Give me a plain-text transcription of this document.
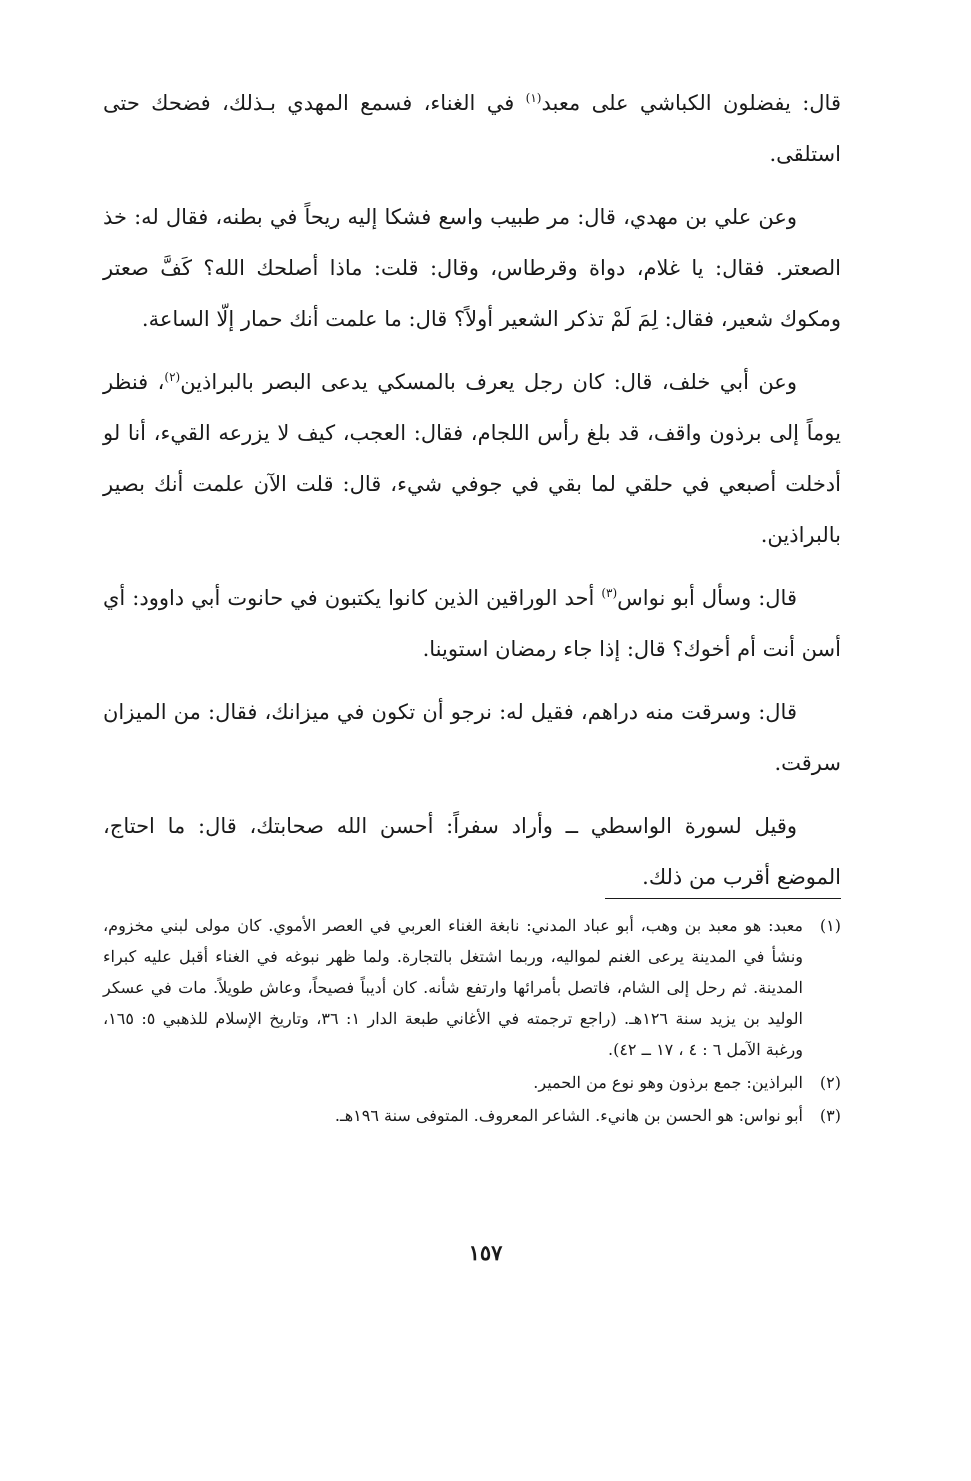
قال: يفضلون الكباشي على معبد$^{(١)}$ في الغناء، فسمع المهدي بـذلك، فضحك حتى استلقى.

وعن علي بن مهدي، قال: مر طبيب واسع فشكا إليه ريحاً في بطنه، فقال له: خذ الصعتر. فقال: يا غلام، دواة وقرطاس، وقال: قلت: ماذا أصلحك الله؟ كَفَّ صعتر ومكوك شعير، فقال: لِمَ لَمْ تذكر الشعير أولاً؟ قال: ما علمت أنك حمار إلّا الساعة.

وعن أبي خلف، قال: كان رجل يعرف بالمسكي يدعى البصر بالبراذين$^{(٢)}$، فنظر يوماً إلى برذون واقف، قد بلغ رأس اللجام، فقال: العجب، كيف لا يزرعه القيء، أنا لو أدخلت أصبعي في حلقي لما بقي في جوفي شيء، قال: قلت الآن علمت أنك بصير بالبراذين.

قال: وسأل أبو نواس$^{(٣)}$ أحد الوراقين الذين كانوا يكتبون في حانوت أبي داوود: أي أسن أنت أم أخوك؟ قال: إذا جاء رمضان استوينا.

قال: وسرقت منه دراهم، فقيل له: نرجو أن تكون في ميزانك، فقال: من الميزان سرقت.

وقيل لسورة الواسطي ــ وأراد سفراً: أحسن الله صحابتك، قال: ما احتاج، الموضع أقرب من ذلك.

(١)
معبد: هو معبد بن وهب، أبو عباد المدني: نابغة الغناء العربي في العصر الأموي. كان مولى لبني مخزوم، ونشأ في المدينة يرعى الغنم لمواليه، وربما اشتغل بالتجارة. ولما ظهر نبوغه في الغناء أقبل عليه كبراء المدينة. ثم رحل إلى الشام، فاتصل بأمرائها وارتفع شأنه. كان أديباً فصيحاً، وعاش طويلاً. مات في عسكر الوليد بن يزيد سنة ١٢٦هـ. (راجع ترجمته في الأغاني طبعة الدار ١: ٣٦، وتاريخ الإسلام للذهبي ٥: ١٦٥، ورغبة الآمل ٦ : ٤ ، ١٧ ــ ٤٢).
(٢)
البراذين: جمع برذون وهو نوع من الحمير.
(٣)
أبو نواس: هو الحسن بن هانيء. الشاعر المعروف. المتوفى سنة ١٩٦هـ.
١٥٧
